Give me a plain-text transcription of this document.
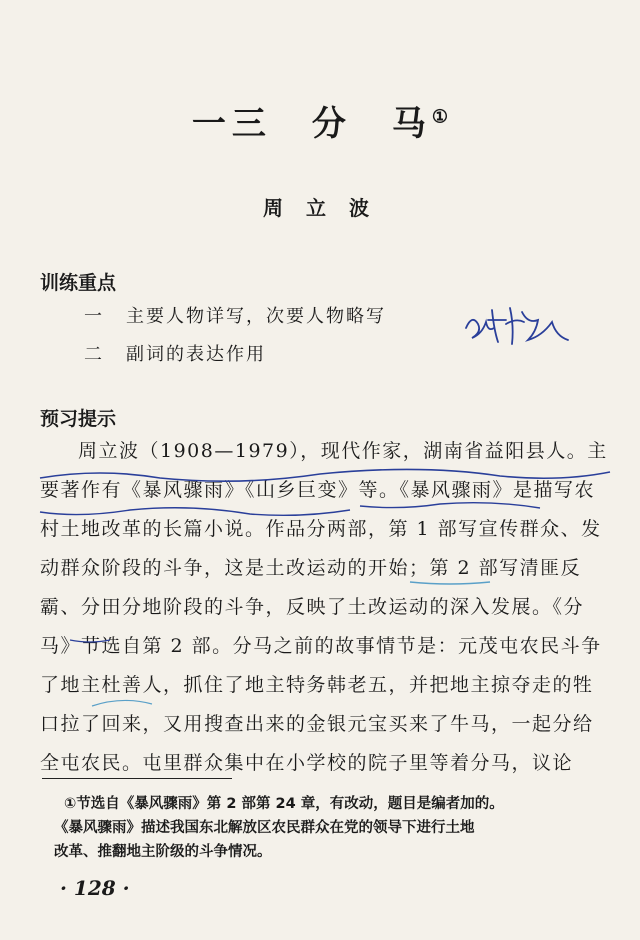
一三　分　马①
周 立 波
训练重点
一 主要人物详写，次要人物略写
二 副词的表达作用
预习提示
周立波（1908—1979），现代作家，湖南省益阳县人。主
要著作有《暴风骤雨》《山乡巨变》等。《暴风骤雨》是描写农
村土地改革的长篇小说。作品分两部，第 1 部写宣传群众、发
动群众阶段的斗争，这是土改运动的开始；第 2 部写清匪反
霸、分田分地阶段的斗争，反映了土改运动的深入发展。《分
马》节选自第 2 部。分马之前的故事情节是：元茂屯农民斗争
了地主杜善人，抓住了地主特务韩老五，并把地主掠夺走的牲
口拉了回来，又用搜查出来的金银元宝买来了牛马，一起分给
全屯农民。屯里群众集中在小学校的院子里等着分马，议论
①节选自《暴风骤雨》第 2 部第 24 章，有改动，题目是编者加的。
《暴风骤雨》描述我国东北解放区农民群众在党的领导下进行土地
改革、推翻地主阶级的斗争情况。
· 128 ·
